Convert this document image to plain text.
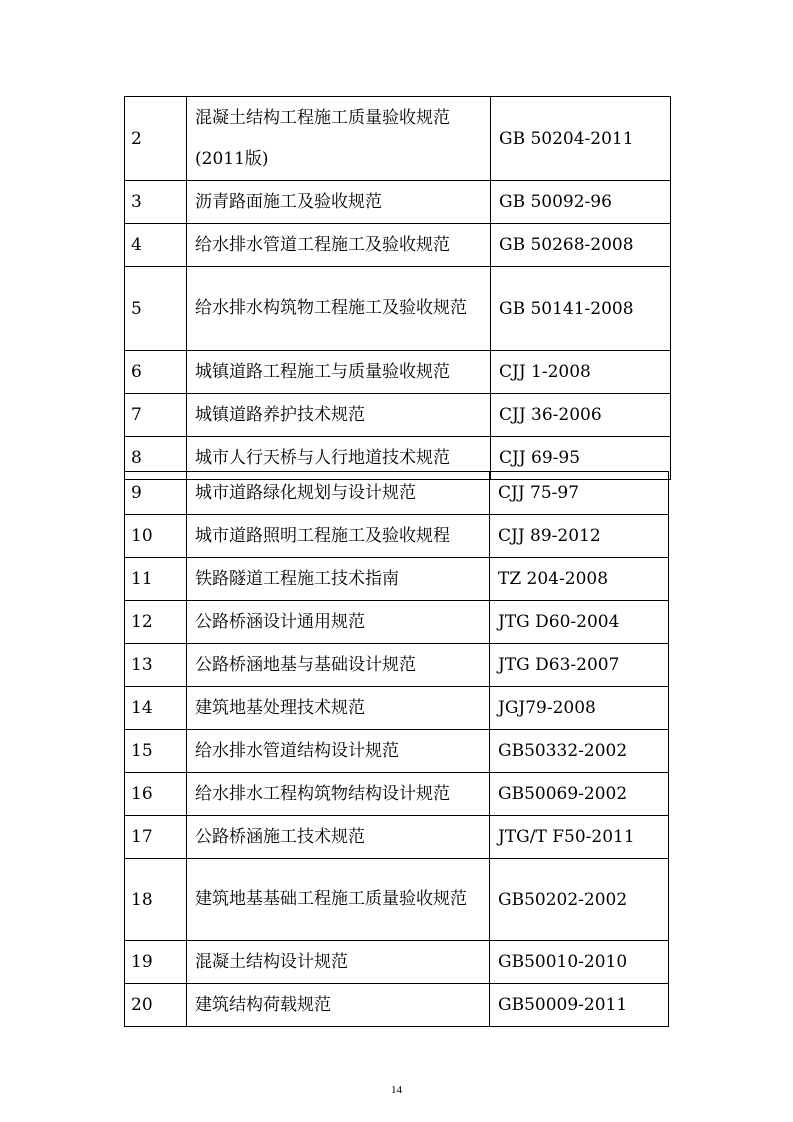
2	混凝土结构工程施工质量验收规范(2011版)	GB 50204-2011
3	沥青路面施工及验收规范	GB 50092-96
4	给水排水管道工程施工及验收规范	GB 50268-2008
5	给水排水构筑物工程施工及验收规范	GB 50141-2008
6	城镇道路工程施工与质量验收规范	CJJ 1-2008
7	城镇道路养护技术规范	CJJ 36-2006
8	城市人行天桥与人行地道技术规范	CJJ 69-95
9	城市道路绿化规划与设计规范	CJJ 75-97
10	城市道路照明工程施工及验收规程	CJJ 89-2012
11	铁路隧道工程施工技术指南	TZ 204-2008
12	公路桥涵设计通用规范	JTG D60-2004
13	公路桥涵地基与基础设计规范	JTG D63-2007
14	建筑地基处理技术规范	JGJ79-2008
15	给水排水管道结构设计规范	GB50332-2002
16	给水排水工程构筑物结构设计规范	GB50069-2002
17	公路桥涵施工技术规范	JTG/T F50-2011
18	建筑地基基础工程施工质量验收规范	GB50202-2002
19	混凝土结构设计规范	GB50010-2010
20	建筑结构荷载规范	GB50009-2011
14
